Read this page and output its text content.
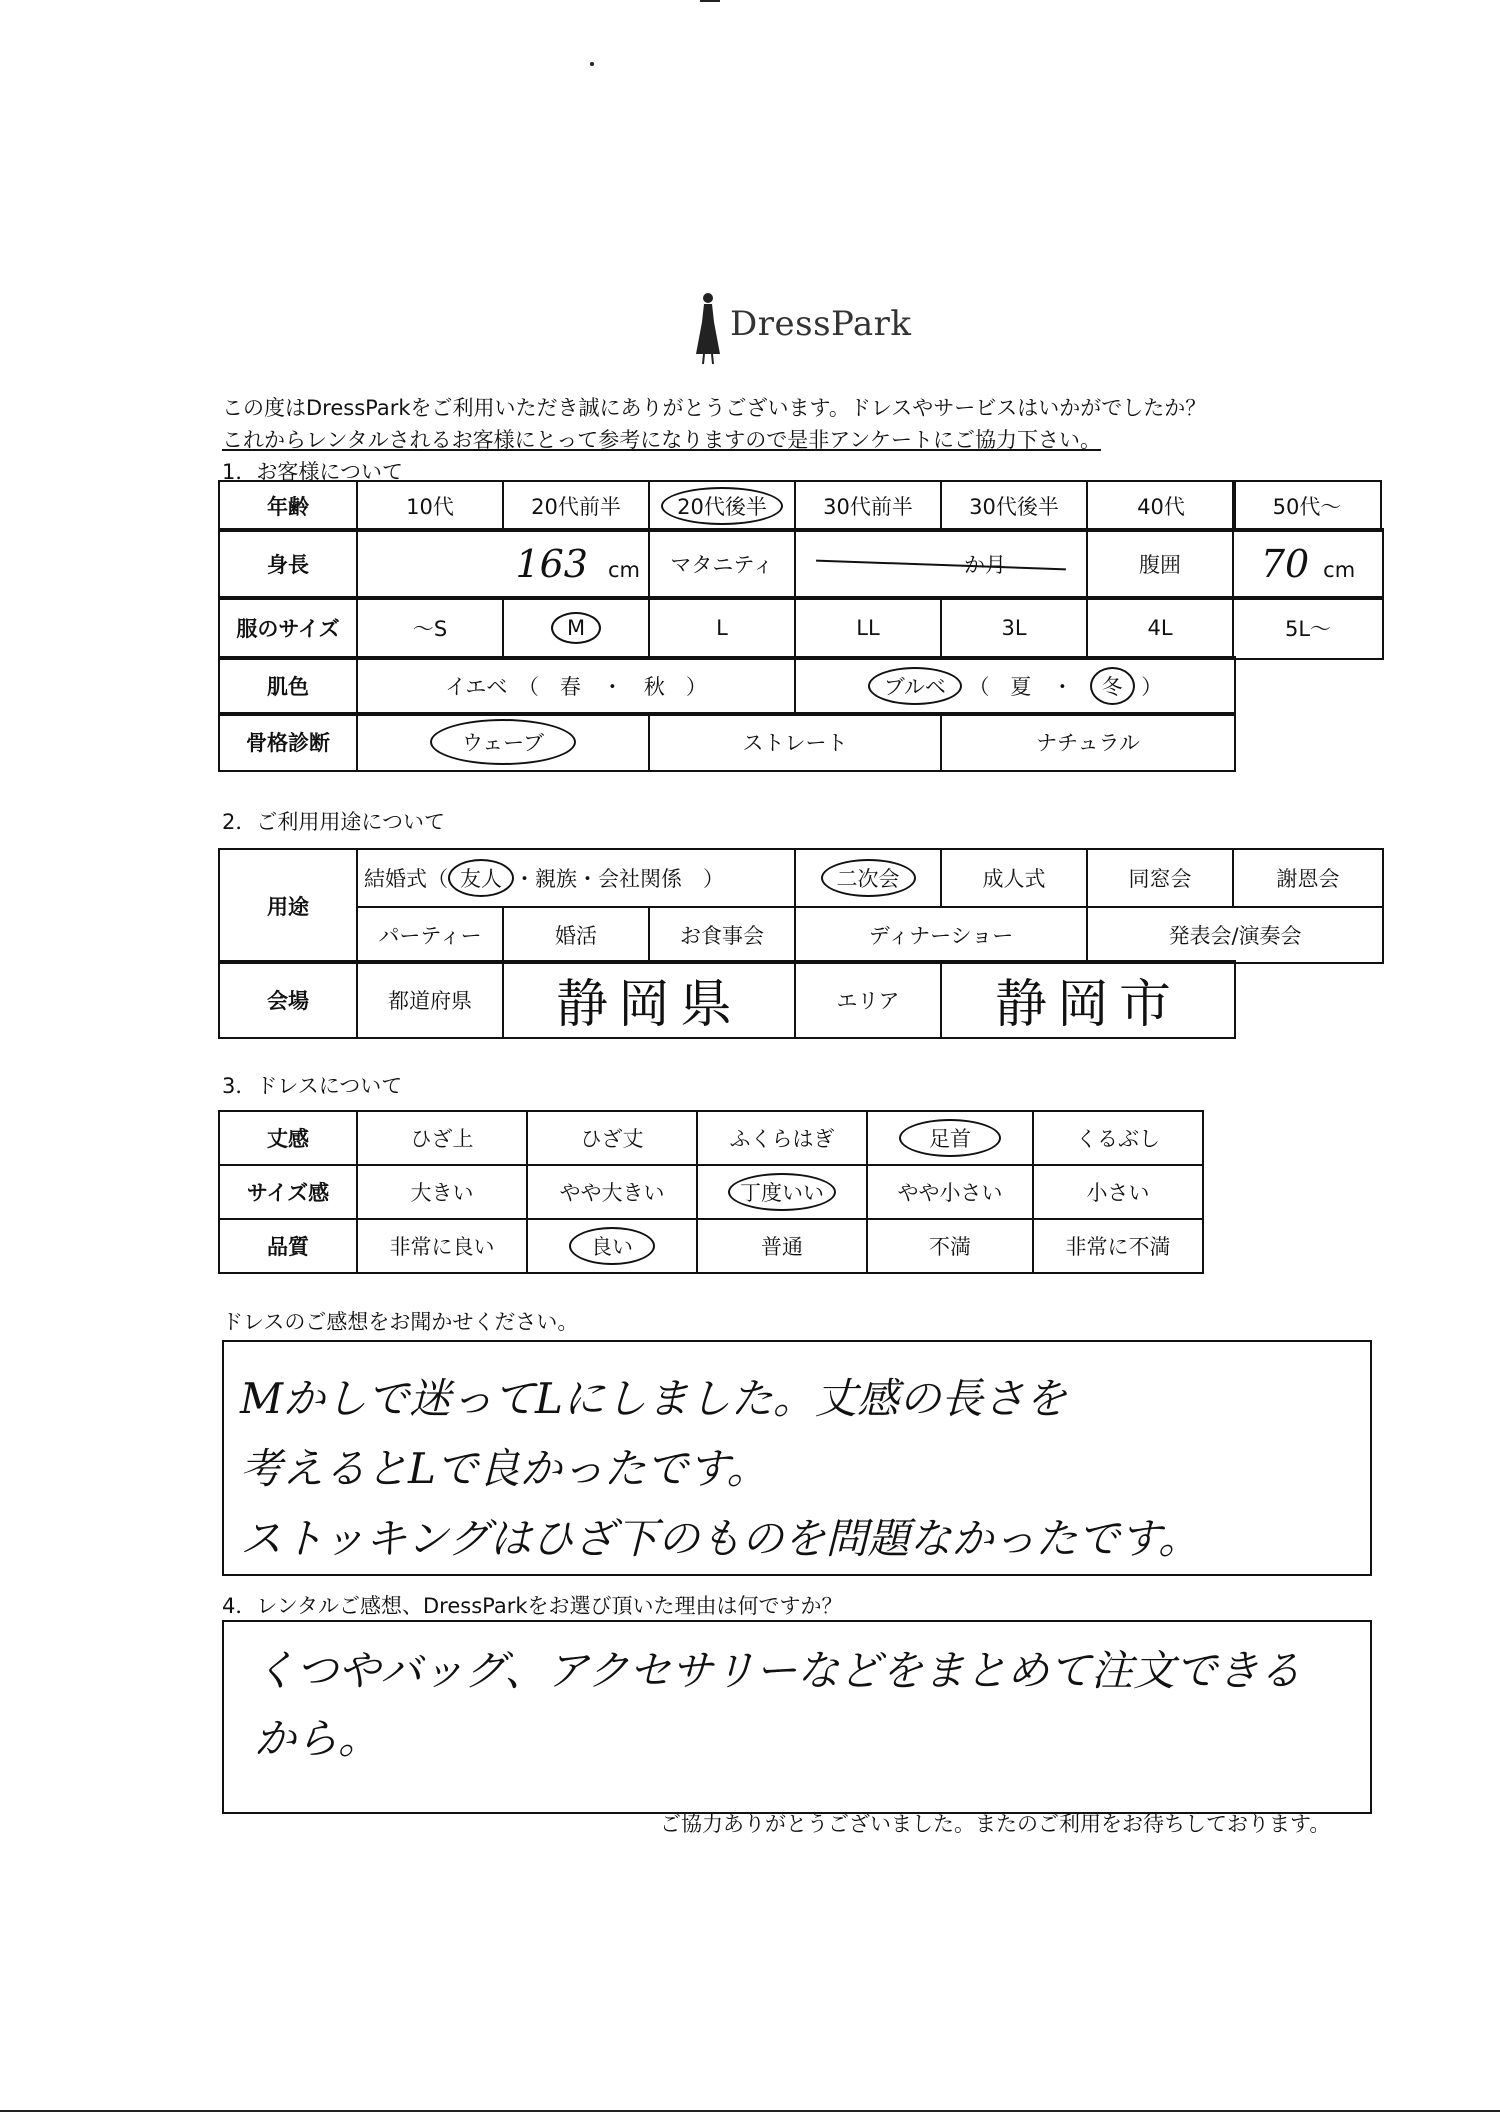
DressPark
この度はDressParkをご利用いただき誠にありがとうございます。ドレスやサービスはいかがでしたか？
これからレンタルされるお客様にとって参考になりますので是非アンケートにご協力下さい。
1．お客様について
年齢	10代	20代前半	20代後半	30代前半	30代後半	40代	50代～
身長	163 cm	マタニティ	か月	腹囲	70 cm
服のサイズ	～S	M	L	LL	3L	4L	5L～
肌色	イエベ　（　春　・　秋　）	ブルベ （ 夏 ・ 冬 ）
骨格診断	ウェーブ	ストレート	ナチュラル
2．ご利用用途について
用途	結婚式（ 友人 ・親族・会社関係　）			二次会	成人式	同窓会	謝恩会
	パーティー	婚活	お食事会	ディナーショー		発表会/演奏会	
会場	都道府県	静岡県	エリア	静岡市
3．ドレスについて
丈感	ひざ上	ひざ丈	ふくらはぎ	足首	くるぶし
サイズ感	大きい	やや大きい	丁度いい	やや小さい	小さい
品質	非常に良い	良い	普通	不満	非常に不満
ドレスのご感想をお聞かせください。
Mかしで迷ってLにしました。丈感の長さを
考えるとLで良かったです。
ストッキングはひざ下のものを問題なかったです。
4．レンタルご感想、DressParkをお選び頂いた理由は何ですか？
くつやバッグ、アクセサリーなどをまとめて注文できる
から。
ご協力ありがとうございました。またのご利用をお待ちしております。
